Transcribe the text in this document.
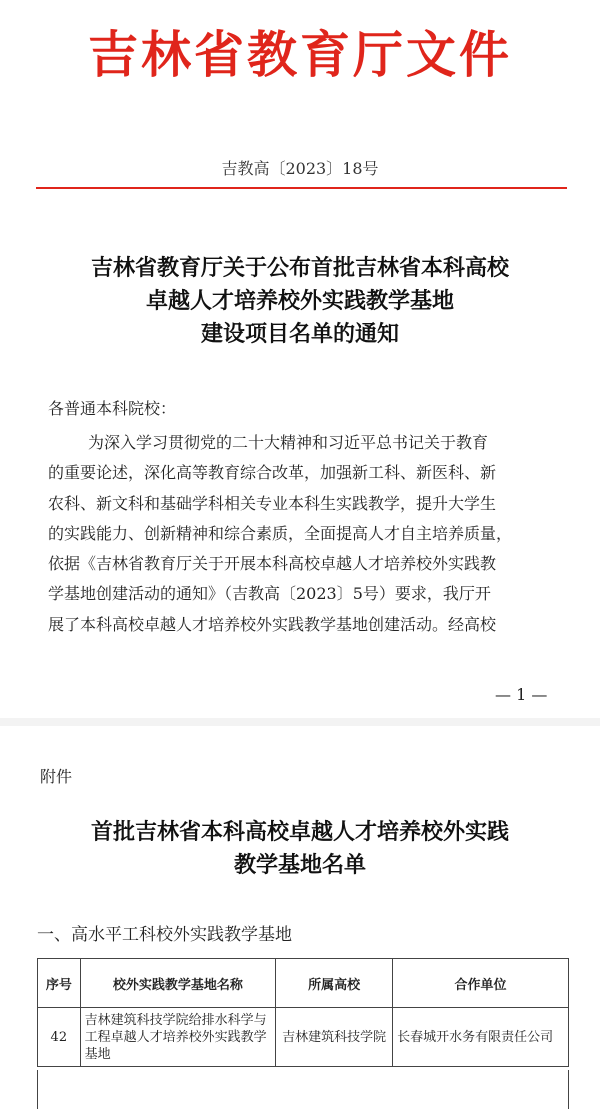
吉林省教育厅文件
吉教高〔2023〕18号
吉林省教育厅关于公布首批吉林省本科高校
卓越人才培养校外实践教学基地
建设项目名单的通知
各普通本科院校：
为深入学习贯彻党的二十大精神和习近平总书记关于教育
的重要论述，深化高等教育综合改革，加强新工科、新医科、新
农科、新文科和基础学科相关专业本科生实践教学，提升大学生
的实践能力、创新精神和综合素质，全面提高人才自主培养质量，
依据《吉林省教育厅关于开展本科高校卓越人才培养校外实践教
学基地创建活动的通知》（吉教高〔2023〕5号）要求，我厅开
展了本科高校卓越人才培养校外实践教学基地创建活动。经高校
— 1 —
附件
首批吉林省本科高校卓越人才培养校外实践
教学基地名单
一、高水平工科校外实践教学基地
序号	校外实践教学基地名称	所属高校	合作单位
42	吉林建筑科技学院给排水科学与工程卓越人才培养校外实践教学基地	吉林建筑科技学院	长春城开水务有限责任公司
